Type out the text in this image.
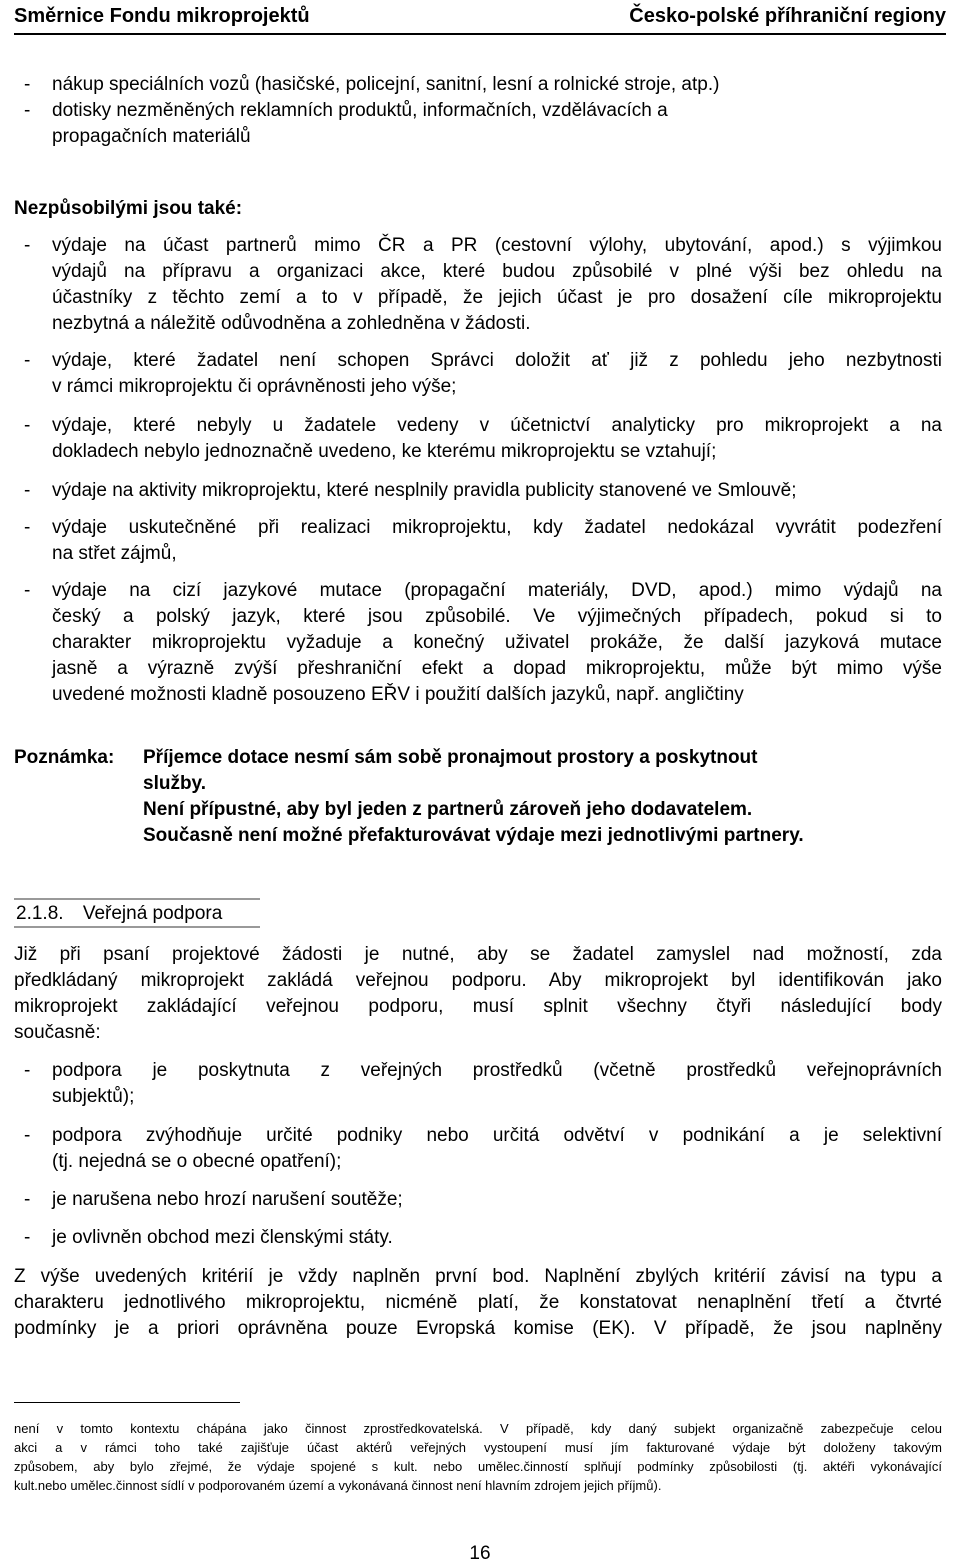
Směrnice Fondu mikroprojektů	Česko-polské příhraniční regiony
- nákup speciálních vozů (hasičské, policejní, sanitní, lesní a rolnické stroje, atp.)
- dotisky nezměněných reklamních produktů, informačních, vzdělávacích a
propagačních materiálů
Nezpůsobilými jsou také:
-	výdaje na účast partnerů mimo ČR a PR (cestovní výlohy, ubytování, apod.) s výjimkou
výdajů na přípravu a organizaci akce, které budou způsobilé v plné výši bez ohledu na
účastníky z těchto zemí a to v případě, že jejich účast je pro dosažení cíle mikroprojektu
nezbytná a náležitě odůvodněna a zohledněna v žádosti.
-	výdaje, které žadatel není schopen Správci doložit ať již z pohledu jeho nezbytnosti
v rámci mikroprojektu či oprávněnosti jeho výše;
-	výdaje, které nebyly u žadatele vedeny v účetnictví analyticky pro mikroprojekt a na
dokladech nebylo jednoznačně uvedeno, ke kterému mikroprojektu se vztahují;
-	výdaje na aktivity mikroprojektu, které nesplnily pravidla publicity stanovené ve Smlouvě;
-	výdaje uskutečněné při realizaci mikroprojektu, kdy žadatel nedokázal vyvrátit podezření
na střet zájmů,
-	výdaje na cizí jazykové mutace (propagační materiály, DVD, apod.) mimo výdajů na
český a polský jazyk, které jsou způsobilé. Ve výjimečných případech, pokud si to
charakter mikroprojektu vyžaduje a konečný uživatel prokáže, že další jazyková mutace
jasně a výrazně zvýší přeshraniční efekt a dopad mikroprojektu, může být mimo výše
uvedené možnosti kladně posouzeno EŘV i použití dalších jazyků, např. angličtiny
Poznámka: Příjemce dotace nesmí sám sobě pronajmout prostory a poskytnout
služby.
Není přípustné, aby byl jeden z partnerů zároveň jeho dodavatelem.
Současně není možné přefakturovávat výdaje mezi jednotlivými partnery.
2.1.8. Veřejná podpora
Již při psaní projektové žádosti je nutné, aby se žadatel zamyslel nad možností, zda
předkládaný mikroprojekt zakládá veřejnou podporu. Aby mikroprojekt byl identifikován jako
mikroprojekt zakládající veřejnou podporu, musí splnit všechny čtyři následující body
současně:
-	podpora je poskytnuta z veřejných prostředků (včetně prostředků veřejnoprávních
subjektů);
-	podpora zvýhodňuje určité podniky nebo určitá odvětví v podnikání a je selektivní
(tj. nejedná se o obecné opatření);
-	je narušena nebo hrozí narušení soutěže;
-	je ovlivněn obchod mezi členskými státy.
Z výše uvedených kritérií je vždy naplněn první bod. Naplnění zbylých kritérií závisí na typu a
charakteru jednotlivého mikroprojektu, nicméně platí, že konstatovat nenaplnění třetí a čtvrté
podmínky je a priori oprávněna pouze Evropská komise (EK). V případě, že jsou naplněny
není v tomto kontextu chápána jako činnost zprostředkovatelská. V případě, kdy daný subjekt organizačně zabezpečuje celou
akci a v rámci toho také zajišťuje účast aktérů veřejných vystoupení musí jím fakturované výdaje být doloženy takovým
způsobem, aby bylo zřejmé, že výdaje spojené s kult. nebo umělec.činností splňují podmínky způsobilosti (tj. aktéři vykonávající
kult.nebo umělec.činnost sídlí v podporovaném území a vykonávaná činnost není hlavním zdrojem jejich příjmů).
16
